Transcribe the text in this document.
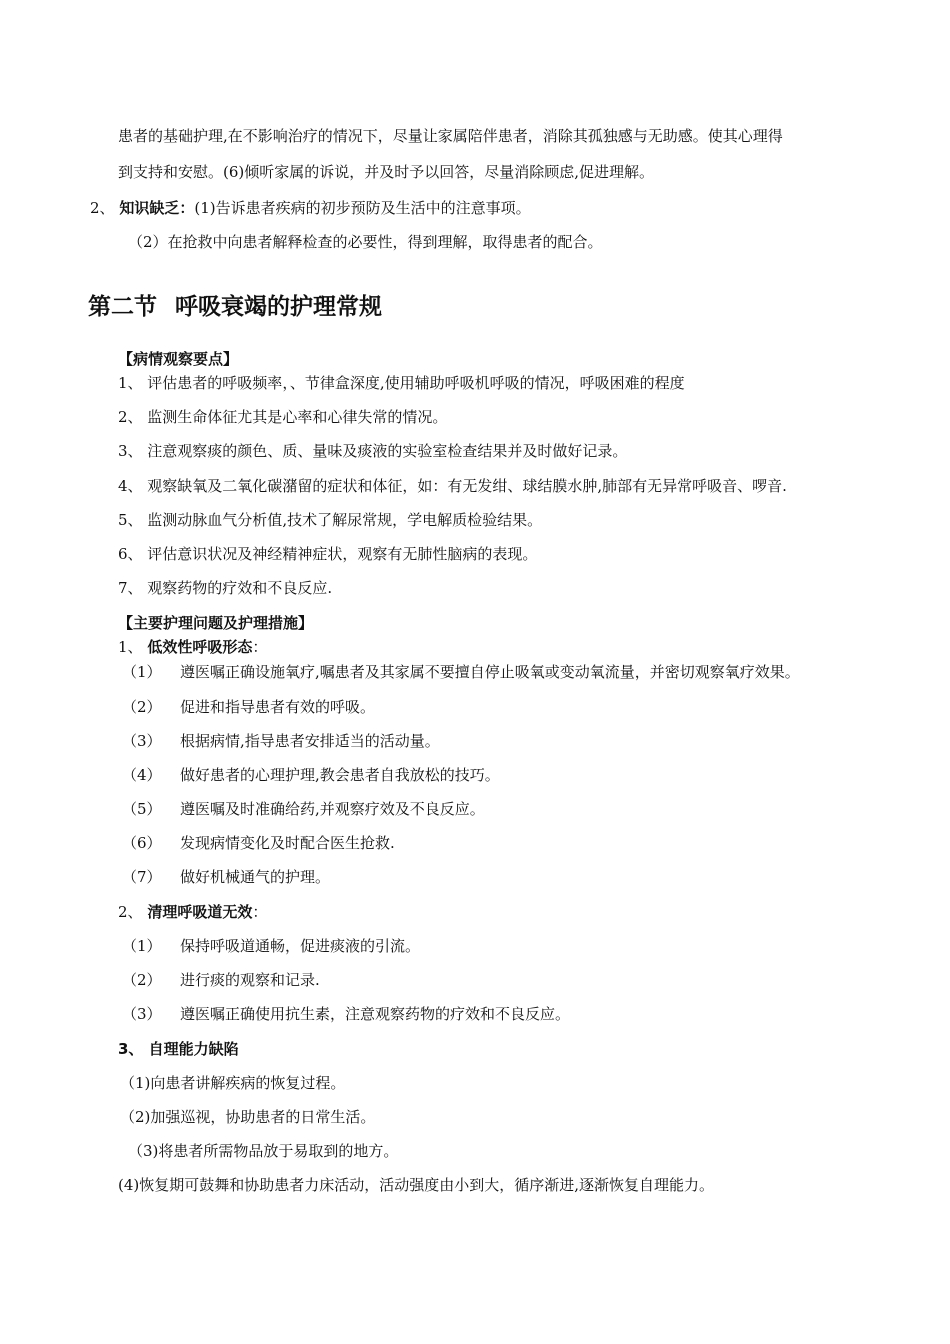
患者的基础护理,在不影响治疗的情况下，尽量让家属陪伴患者，消除其孤独感与无助感。使其心理得
到支持和安慰。(6)倾听家属的诉说，并及时予以回答，尽量消除顾虑,促进理解。
2、 知识缺乏：(1)告诉患者疾病的初步预防及生活中的注意事项。
（2）在抢救中向患者解释检查的必要性，得到理解，取得患者的配合。
第二节 呼吸衰竭的护理常规
【病情观察要点】
1、 评估患者的呼吸频率，、节律盒深度,使用辅助呼吸机呼吸的情况，呼吸困难的程度
2、 监测生命体征尤其是心率和心律失常的情况。
3、 注意观察痰的颜色、质、量味及痰液的实验室检查结果并及时做好记录。
4、 观察缺氧及二氧化碳潴留的症状和体征，如：有无发绀、球结膜水肿,肺部有无异常呼吸音、啰音.
5、 监测动脉血气分析值,技术了解尿常规，学电解质检验结果。
6、 评估意识状况及神经精神症状，观察有无肺性脑病的表现。
7、 观察药物的疗效和不良反应.
【主要护理问题及护理措施】
1、 低效性呼吸形态：
（1） 遵医嘱正确设施氧疗,嘱患者及其家属不要擅自停止吸氧或变动氧流量，并密切观察氧疗效果。
（2） 促进和指导患者有效的呼吸。
（3） 根据病情,指导患者安排适当的活动量。
（4） 做好患者的心理护理,教会患者自我放松的技巧。
（5） 遵医嘱及时准确给药,并观察疗效及不良反应。
（6） 发现病情变化及时配合医生抢救.
（7） 做好机械通气的护理。
2、 清理呼吸道无效：
（1） 保持呼吸道通畅，促进痰液的引流。
（2） 进行痰的观察和记录.
（3） 遵医嘱正确使用抗生素，注意观察药物的疗效和不良反应。
3、 自理能力缺陷
（1)向患者讲解疾病的恢复过程。
（2)加强巡视，协助患者的日常生活。
（3)将患者所需物品放于易取到的地方。
(4)恢复期可鼓舞和协助患者力床活动，活动强度由小到大，循序渐进,逐渐恢复自理能力。
